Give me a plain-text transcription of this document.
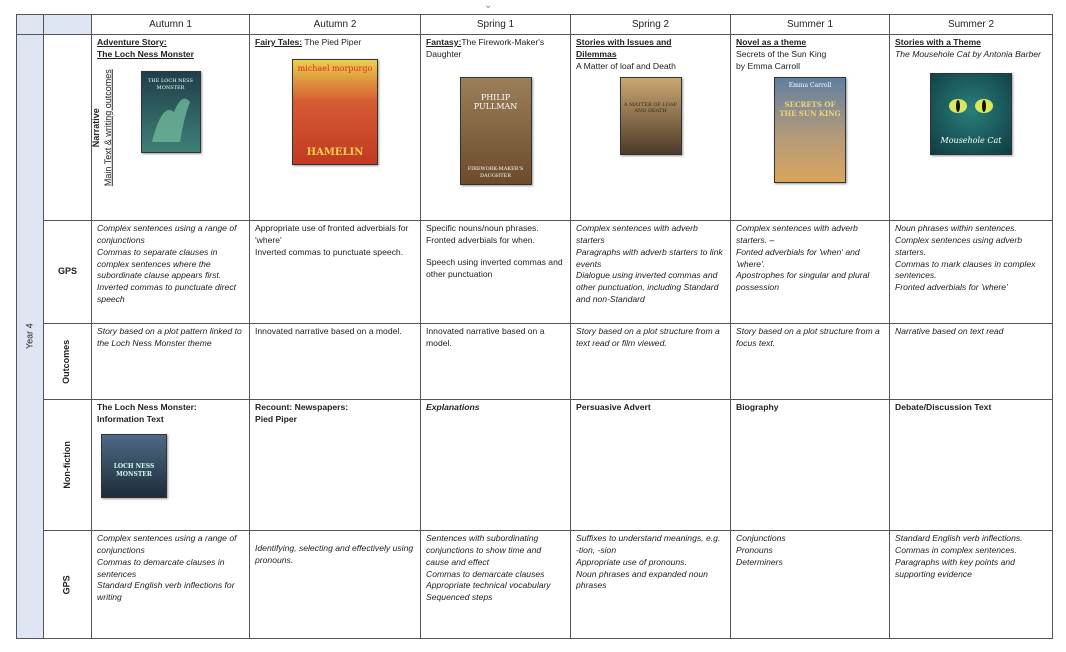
⌄
		Autumn 1	Autumn 2	Spring 1	Spring 2	Summer 1	Summer 2
Year 4	Narrative Main Text & writing outcomes	Adventure Story:
The Loch Ness Monster
THE LOCH NESS MONSTER	Fairy Tales: The Pied Piper
michael morpurgo
HAMELIN	Fantasy:The Firework-Maker's Daughter
PHILIP PULLMAN
FIREWORK-MAKER'S DAUGHTER	Stories with Issues and
Dilemmas
A Matter of loaf and Death
A MATTER OF LOAF AND DEATH	Novel as a theme
Secrets of the Sun King
by Emma Carroll
Emma Carroll
SECRETS OF THE SUN KING	Stories with a Theme
The Mousehole Cat by Antonia Barber
Mousehole Cat

	GPS	Complex sentences using a range of conjunctions
Commas to separate clauses in complex sentences where the subordinate clause appears first.
Inverted commas to punctuate direct speech	Appropriate use of fronted adverbials for 'where'
Inverted commas to punctuate speech.	Specific nouns/noun phrases.
Fronted adverbials for when.
Speech using inverted commas and other punctuation	Complex sentences with adverb starters
Paragraphs with adverb starters to link events
Dialogue using inverted commas and other punctuation, including Standard and non-Standard	Complex sentences with adverb starters. –
Fonted adverbials for 'when' and 'where'.
Apostrophes for singular and plural possession	Noun phrases within sentences.
Complex sentences using adverb starters.
Commas to mark clauses in complex sentences.
Fronted adverbials for 'where'

	Outcomes	Story based on a plot pattern linked to the Loch Ness Monster theme	Innovated narrative based on a model.	Innovated narrative based on a model.	Story based on a plot structure from a text read or film viewed.	Story based on a plot structure from a focus text.	Narrative based on text read

	Non-fiction	The Loch Ness Monster:
Information Text
LOCH NESS MONSTER	Recount: Newspapers:
Pied Piper	Explanations	Persuasive Advert	Biography	Debate/Discussion Text

	GPS	Complex sentences using a range of conjunctions
Commas to demarcate clauses in sentences
Standard English verb inflections for writing	Identifying, selecting and effectively using pronouns.	Sentences with subordinating conjunctions to show time and cause and effect
Commas to demarcate clauses
Appropriate technical vocabulary Sequenced steps	Suffixes to understand meanings, e.g. -tion, -sion
Appropriate use of pronouns.
Noun phrases and expanded noun phrases	Conjunctions
Pronouns
Determiners	Standard English verb inflections.
Commas in complex sentences.
Paragraphs with key points and supporting evidence
